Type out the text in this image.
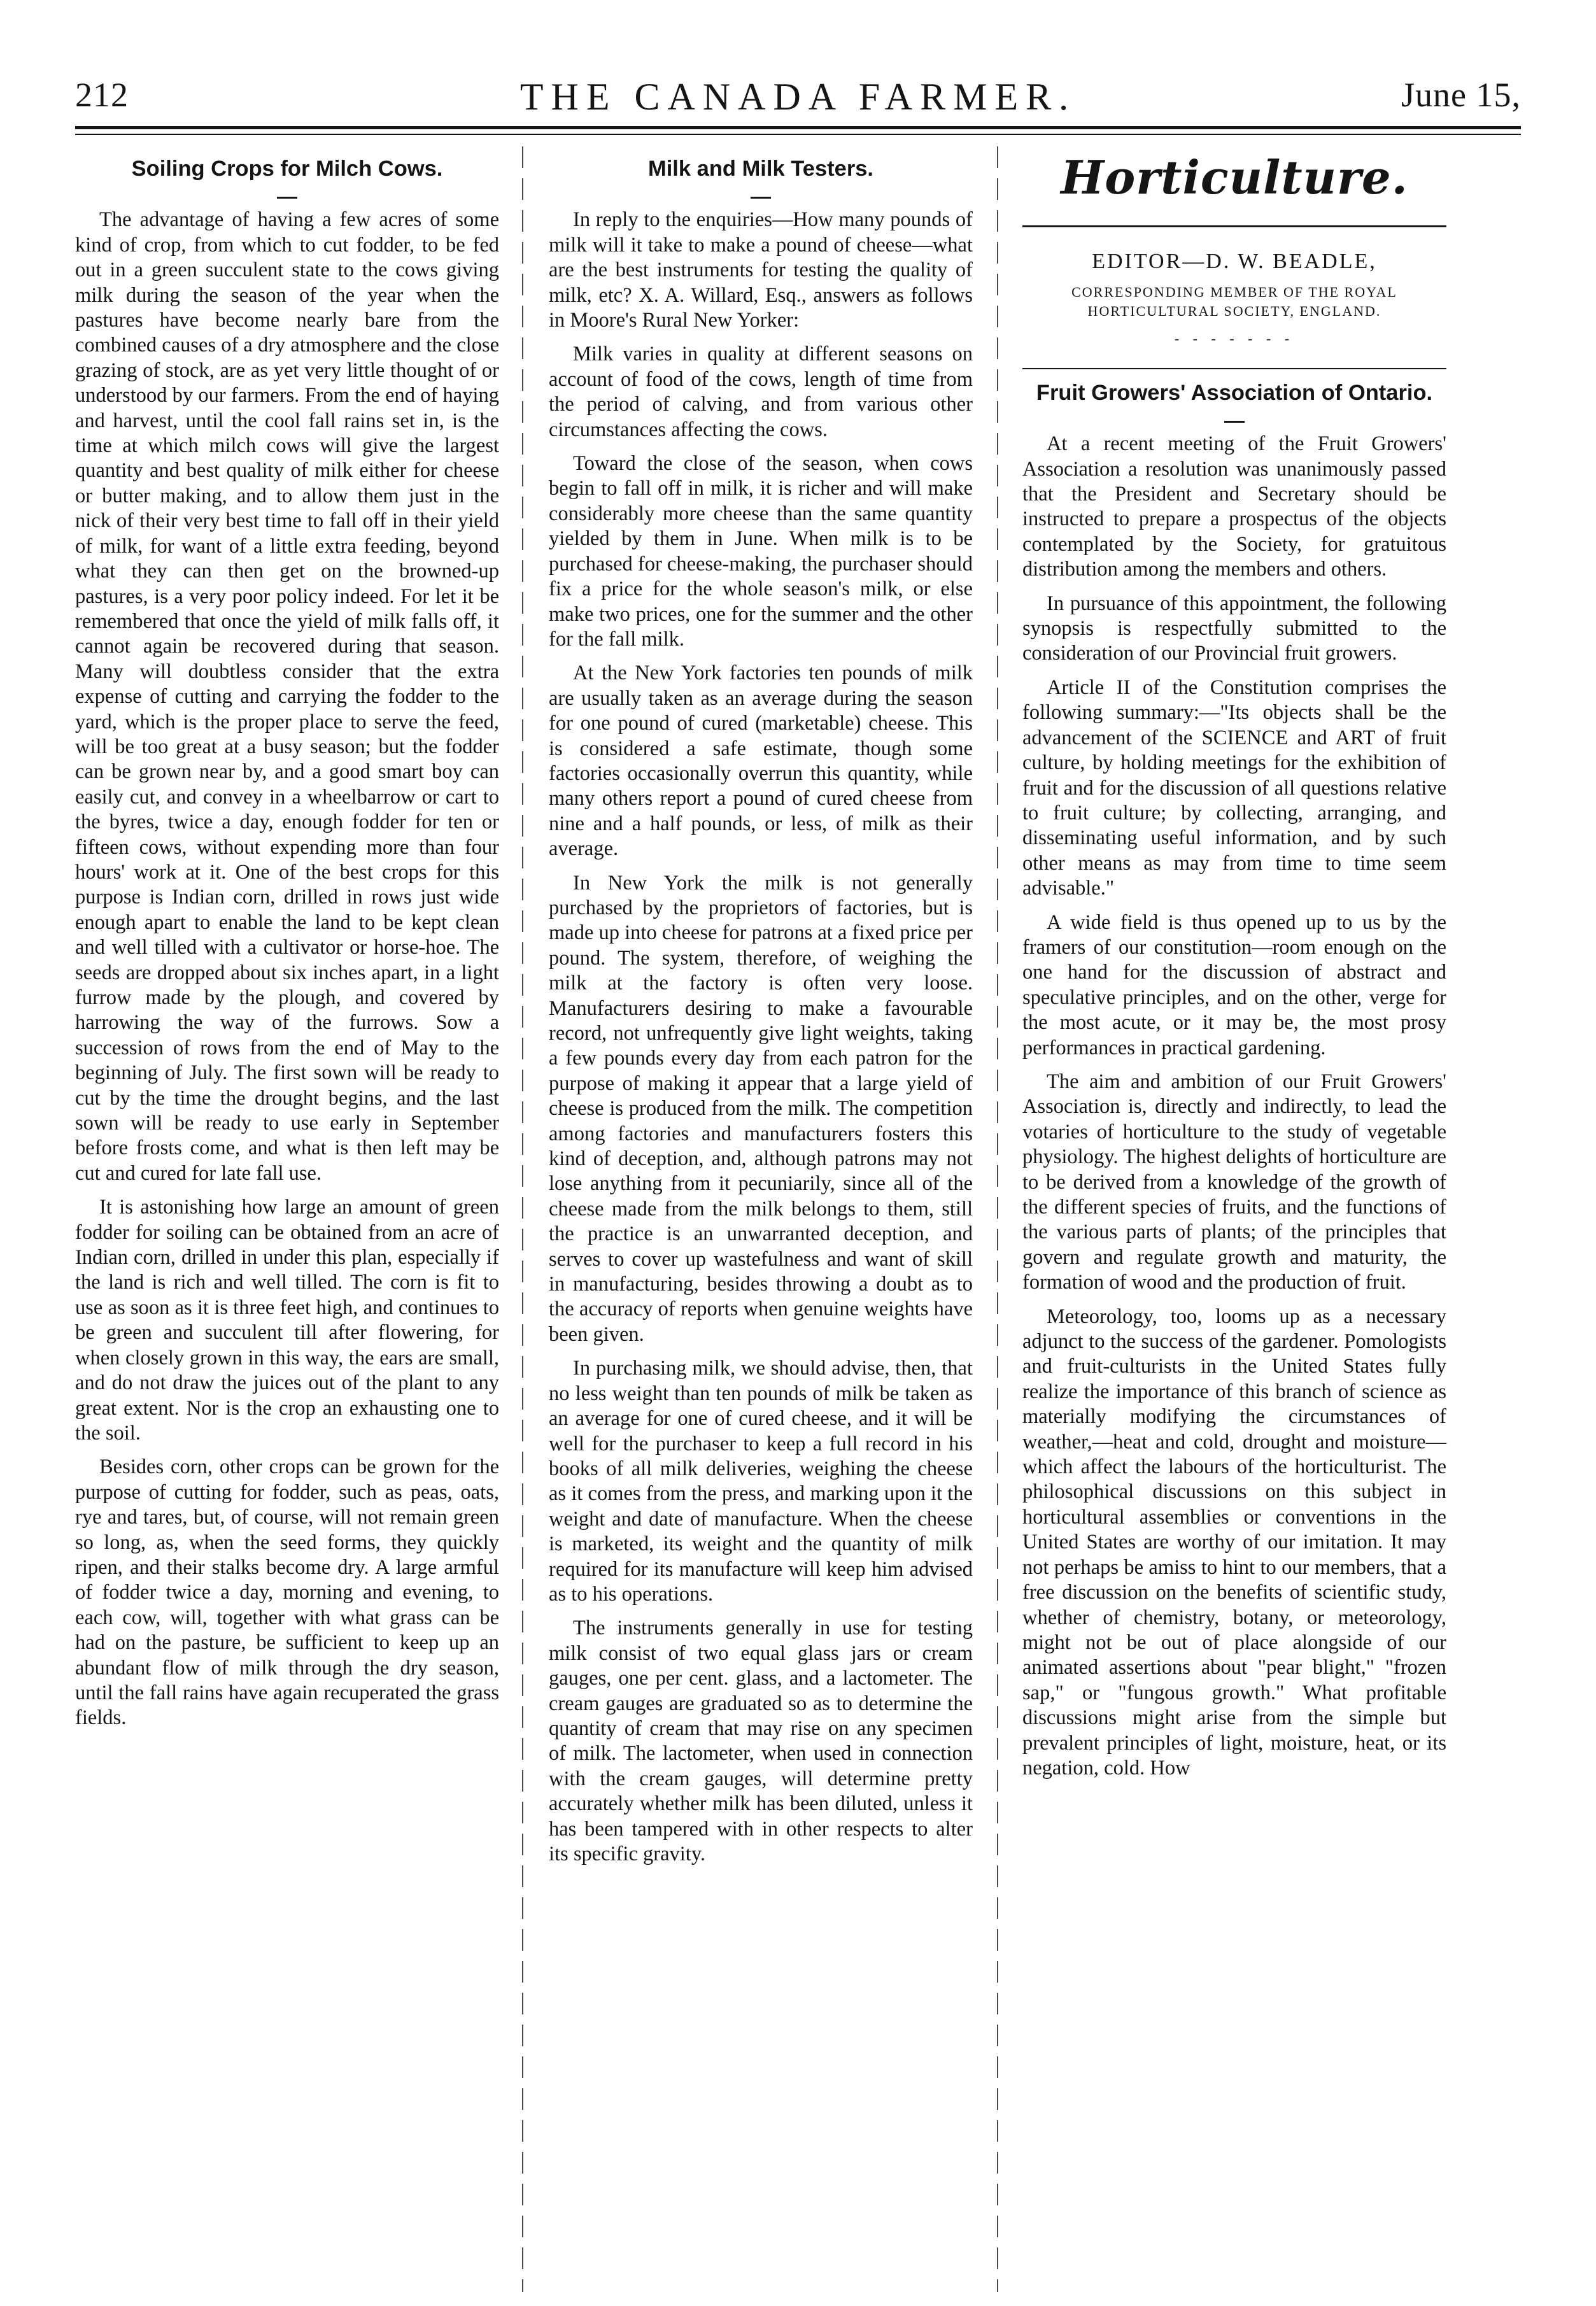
212	THE CANADA FARMER.	June 15,
Soiling Crops for Milch Cows.

The advantage of having a few acres of some kind of crop, from which to cut fodder, to be fed out in a green succulent state to the cows giving milk during the season of the year when the pastures have become nearly bare from the combined causes of a dry atmosphere and the close grazing of stock, are as yet very little thought of or understood by our farmers. From the end of haying and harvest, until the cool fall rains set in, is the time at which milch cows will give the largest quantity and best quality of milk either for cheese or butter making, and to allow them just in the nick of their very best time to fall off in their yield of milk, for want of a little extra feeding, beyond what they can then get on the browned-up pastures, is a very poor policy indeed. For let it be remembered that once the yield of milk falls off, it cannot again be recovered during that season. Many will doubtless consider that the extra expense of cutting and carrying the fodder to the yard, which is the proper place to serve the feed, will be too great at a busy season; but the fodder can be grown near by, and a good smart boy can easily cut, and convey in a wheelbarrow or cart to the byres, twice a day, enough fodder for ten or fifteen cows, without expending more than four hours' work at it. One of the best crops for this purpose is Indian corn, drilled in rows just wide enough apart to enable the land to be kept clean and well tilled with a cultivator or horse-hoe. The seeds are dropped about six inches apart, in a light furrow made by the plough, and covered by harrowing the way of the furrows. Sow a succession of rows from the end of May to the beginning of July. The first sown will be ready to cut by the time the drought begins, and the last sown will be ready to use early in September before frosts come, and what is then left may be cut and cured for late fall use.

It is astonishing how large an amount of green fodder for soiling can be obtained from an acre of Indian corn, drilled in under this plan, especially if the land is rich and well tilled. The corn is fit to use as soon as it is three feet high, and continues to be green and succulent till after flowering, for when closely grown in this way, the ears are small, and do not draw the juices out of the plant to any great extent. Nor is the crop an exhausting one to the soil.

Besides corn, other crops can be grown for the purpose of cutting for fodder, such as peas, oats, rye and tares, but, of course, will not remain green so long, as, when the seed forms, they quickly ripen, and their stalks become dry. A large armful of fodder twice a day, morning and evening, to each cow, will, together with what grass can be had on the pasture, be sufficient to keep up an abundant flow of milk through the dry season, until the fall rains have again recuperated the grass fields.

Milk and Milk Testers.

In reply to the enquiries—How many pounds of milk will it take to make a pound of cheese—what are the best instruments for testing the quality of milk, etc? X. A. Willard, Esq., answers as follows in Moore's Rural New Yorker:

Milk varies in quality at different seasons on account of food of the cows, length of time from the period of calving, and from various other circumstances affecting the cows.

Toward the close of the season, when cows begin to fall off in milk, it is richer and will make considerably more cheese than the same quantity yielded by them in June. When milk is to be purchased for cheese-making, the purchaser should fix a price for the whole season's milk, or else make two prices, one for the summer and the other for the fall milk.

At the New York factories ten pounds of milk are usually taken as an average during the season for one pound of cured (marketable) cheese. This is considered a safe estimate, though some factories occasionally overrun this quantity, while many others report a pound of cured cheese from nine and a half pounds, or less, of milk as their average.

In New York the milk is not generally purchased by the proprietors of factories, but is made up into cheese for patrons at a fixed price per pound. The system, therefore, of weighing the milk at the factory is often very loose. Manufacturers desiring to make a favourable record, not unfrequently give light weights, taking a few pounds every day from each patron for the purpose of making it appear that a large yield of cheese is produced from the milk. The competition among factories and manufacturers fosters this kind of deception, and, although patrons may not lose anything from it pecuniarily, since all of the cheese made from the milk belongs to them, still the practice is an unwarranted deception, and serves to cover up wastefulness and want of skill in manufacturing, besides throwing a doubt as to the accuracy of reports when genuine weights have been given.

In purchasing milk, we should advise, then, that no less weight than ten pounds of milk be taken as an average for one of cured cheese, and it will be well for the purchaser to keep a full record in his books of all milk deliveries, weighing the cheese as it comes from the press, and marking upon it the weight and date of manufacture. When the cheese is marketed, its weight and the quantity of milk required for its manufacture will keep him advised as to his operations.

The instruments generally in use for testing milk consist of two equal glass jars or cream gauges, one per cent. glass, and a lactometer. The cream gauges are graduated so as to determine the quantity of cream that may rise on any specimen of milk. The lactometer, when used in connection with the cream gauges, will determine pretty accurately whether milk has been diluted, unless it has been tampered with in other respects to alter its specific gravity.

Horticulture.
EDITOR—D. W. BEADLE,
CORRESPONDING MEMBER OF THE ROYAL HORTICULTURAL SOCIETY, ENGLAND.
- - - - - - -
Fruit Growers' Association of Ontario.

At a recent meeting of the Fruit Growers' Association a resolution was unanimously passed that the President and Secretary should be instructed to prepare a prospectus of the objects contemplated by the Society, for gratuitous distribution among the members and others.

In pursuance of this appointment, the following synopsis is respectfully submitted to the consideration of our Provincial fruit growers.

Article II of the Constitution comprises the following summary:—"Its objects shall be the advancement of the SCIENCE and ART of fruit culture, by holding meetings for the exhibition of fruit and for the discussion of all questions relative to fruit culture; by collecting, arranging, and disseminating useful information, and by such other means as may from time to time seem advisable."

A wide field is thus opened up to us by the framers of our constitution—room enough on the one hand for the discussion of abstract and speculative principles, and on the other, verge for the most acute, or it may be, the most prosy performances in practical gardening.

The aim and ambition of our Fruit Growers' Association is, directly and indirectly, to lead the votaries of horticulture to the study of vegetable physiology. The highest delights of horticulture are to be derived from a knowledge of the growth of the different species of fruits, and the functions of the various parts of plants; of the principles that govern and regulate growth and maturity, the formation of wood and the production of fruit.

Meteorology, too, looms up as a necessary adjunct to the success of the gardener. Pomologists and fruit-culturists in the United States fully realize the importance of this branch of science as materially modifying the circumstances of weather,—heat and cold, drought and moisture—which affect the labours of the horticulturist. The philosophical discussions on this subject in horticultural assemblies or conventions in the United States are worthy of our imitation. It may not perhaps be amiss to hint to our members, that a free discussion on the benefits of scientific study, whether of chemistry, botany, or meteorology, might not be out of place alongside of our animated assertions about "pear blight," "frozen sap," or "fungous growth." What profitable discussions might arise from the simple but prevalent principles of light, moisture, heat, or its negation, cold. How
